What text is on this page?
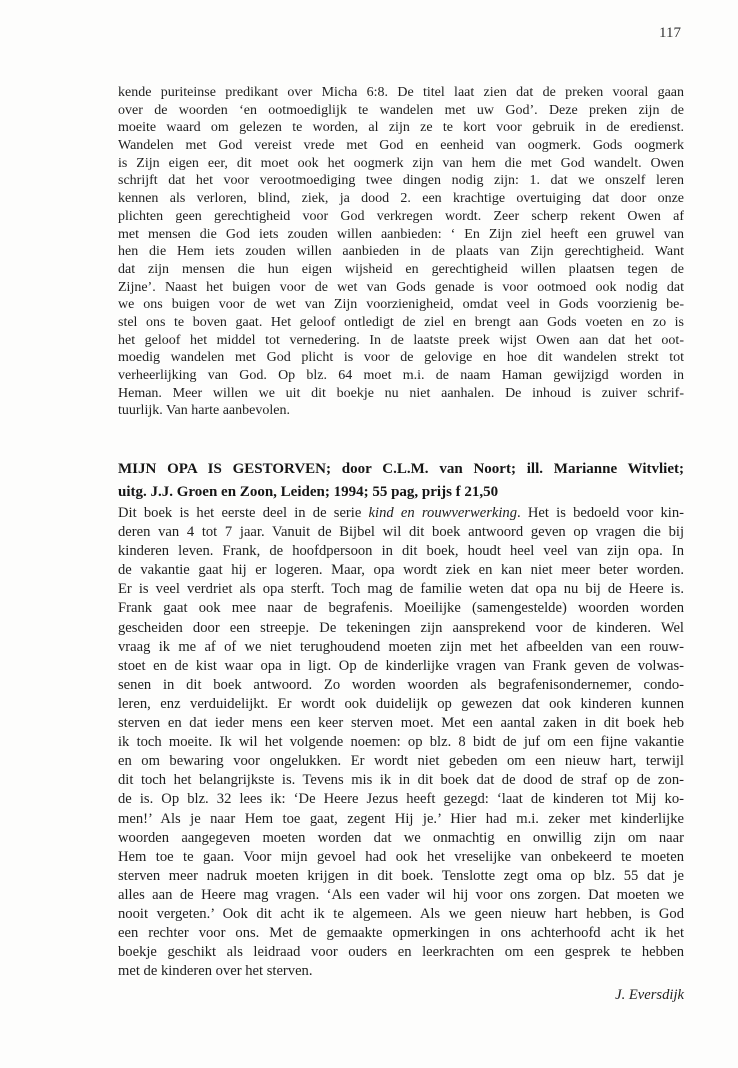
117
kende puriteinse predikant over Micha 6:8. De titel laat zien dat de preken vooral gaan
over de woorden ‘en ootmoediglijk te wandelen met uw God’. Deze preken zijn de
moeite waard om gelezen te worden, al zijn ze te kort voor gebruik in de eredienst.
Wandelen met God vereist vrede met God en eenheid van oogmerk. Gods oogmerk
is Zijn eigen eer, dit moet ook het oogmerk zijn van hem die met God wandelt. Owen
schrijft dat het voor verootmoediging twee dingen nodig zijn: 1. dat we onszelf leren
kennen als verloren, blind, ziek, ja dood 2. een krachtige overtuiging dat door onze
plichten geen gerechtigheid voor God verkregen wordt. Zeer scherp rekent Owen af
met mensen die God iets zouden willen aanbieden: ‘ En Zijn ziel heeft een gruwel van
hen die Hem iets zouden willen aanbieden in de plaats van Zijn gerechtigheid. Want
dat zijn mensen die hun eigen wijsheid en gerechtigheid willen plaatsen tegen de
Zijne’. Naast het buigen voor de wet van Gods genade is voor ootmoed ook nodig dat
we ons buigen voor de wet van Zijn voorzienigheid, omdat veel in Gods voorzienig be-
stel ons te boven gaat. Het geloof ontledigt de ziel en brengt aan Gods voeten en zo is
het geloof het middel tot vernedering. In de laatste preek wijst Owen aan dat het oot-
moedig wandelen met God plicht is voor de gelovige en hoe dit wandelen strekt tot
verheerlijking van God. Op blz. 64 moet m.i. de naam Haman gewijzigd worden in
Heman. Meer willen we uit dit boekje nu niet aanhalen. De inhoud is zuiver schrif-
tuurlijk. Van harte aanbevolen.
MIJN OPA IS GESTORVEN; door C.L.M. van Noort; ill. Marianne Witvliet;
uitg. J.J. Groen en Zoon, Leiden; 1994; 55 pag, prijs f 21,50
Dit boek is het eerste deel in de serie kind en rouwverwerking. Het is bedoeld voor kin-
deren van 4 tot 7 jaar. Vanuit de Bijbel wil dit boek antwoord geven op vragen die bij
kinderen leven. Frank, de hoofdpersoon in dit boek, houdt heel veel van zijn opa. In
de vakantie gaat hij er logeren. Maar, opa wordt ziek en kan niet meer beter worden.
Er is veel verdriet als opa sterft. Toch mag de familie weten dat opa nu bij de Heere is.
Frank gaat ook mee naar de begrafenis. Moeilijke (samengestelde) woorden worden
gescheiden door een streepje. De tekeningen zijn aansprekend voor de kinderen. Wel
vraag ik me af of we niet terughoudend moeten zijn met het afbeelden van een rouw-
stoet en de kist waar opa in ligt. Op de kinderlijke vragen van Frank geven de volwas-
senen in dit boek antwoord. Zo worden woorden als begrafenisondernemer, condo-
leren, enz verduidelijkt. Er wordt ook duidelijk op gewezen dat ook kinderen kunnen
sterven en dat ieder mens een keer sterven moet. Met een aantal zaken in dit boek heb
ik toch moeite. Ik wil het volgende noemen: op blz. 8 bidt de juf om een fijne vakantie
en om bewaring voor ongelukken. Er wordt niet gebeden om een nieuw hart, terwijl
dit toch het belangrijkste is. Tevens mis ik in dit boek dat de dood de straf op de zon-
de is. Op blz. 32 lees ik: ‘De Heere Jezus heeft gezegd: ‘laat de kinderen tot Mij ko-
men!’ Als je naar Hem toe gaat, zegent Hij je.’ Hier had m.i. zeker met kinderlijke
woorden aangegeven moeten worden dat we onmachtig en onwillig zijn om naar
Hem toe te gaan. Voor mijn gevoel had ook het vreselijke van onbekeerd te moeten
sterven meer nadruk moeten krijgen in dit boek. Tenslotte zegt oma op blz. 55 dat je
alles aan de Heere mag vragen. ‘Als een vader wil hij voor ons zorgen. Dat moeten we
nooit vergeten.’ Ook dit acht ik te algemeen. Als we geen nieuw hart hebben, is God
een rechter voor ons. Met de gemaakte opmerkingen in ons achterhoofd acht ik het
boekje geschikt als leidraad voor ouders en leerkrachten om een gesprek te hebben
met de kinderen over het sterven.
J. Eversdijk
